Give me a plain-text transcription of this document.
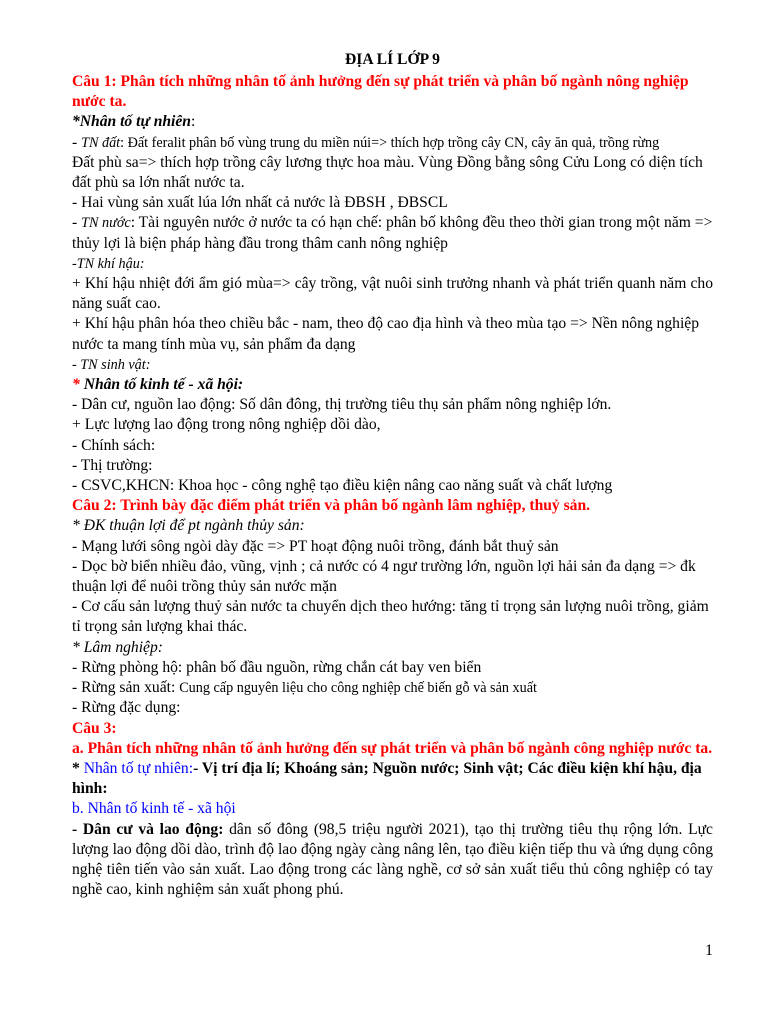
ĐỊA LÍ LỚP 9

Câu 1: Phân tích những nhân tố ảnh hưởng đến sự phát triển và phân bố ngành nông nghiệp nước ta.

*Nhân tố tự nhiên:

- TN đất: Đất feralit phân bố vùng trung du miền núi=> thích hợp trồng cây CN, cây ăn quả, trồng rừng

Đất phù sa=> thích hợp trồng cây lương thực hoa màu. Vùng Đồng bằng sông Cửu Long có diện tích đất phù sa lớn nhất nước ta.

- Hai vùng sản xuất lúa lớn nhất cả nước là ĐBSH , ĐBSCL

- TN nước: Tài nguyên nước ở nước ta có hạn chế: phân bố không đều theo thời gian trong một năm => thủy lợi là biện pháp hàng đầu trong thâm canh nông nghiệp

-TN khí hậu:

+ Khí hậu nhiệt đới ẩm gió mùa=> cây trồng, vật nuôi sinh trưởng nhanh và phát triển quanh năm cho năng suất cao.

+ Khí hậu phân hóa theo chiều bắc - nam, theo độ cao địa hình và theo mùa tạo => Nền nông nghiệp nước ta mang tính mùa vụ, sản phẩm đa dạng

- TN sinh vật:

* Nhân tố kinh tế - xã hội:

- Dân cư, nguồn lao động: Số dân đông, thị trường tiêu thụ sản phẩm nông nghiệp lớn.

+ Lực lượng lao động trong nông nghiệp dồi dào,

- Chính sách:

- Thị trường:

- CSVC,KHCN: Khoa học - công nghệ tạo điều kiện nâng cao năng suất và chất lượng

Câu 2: Trình bày đặc điểm phát triển và phân bố ngành lâm nghiệp, thuỷ sản.

* ĐK thuận lợi để pt ngành thủy sản:

- Mạng lưới sông ngòi dày đặc => PT hoạt động nuôi trồng, đánh bắt thuỷ sản

- Dọc bờ biển nhiều đảo, vũng, vịnh ; cả nước có 4 ngư trường lớn, nguồn lợi hải sản đa dạng => đk thuận lợi để nuôi trồng thủy sản nước mặn

- Cơ cấu sản lượng thuỷ sản nước ta chuyển dịch theo hướng: tăng tỉ trọng sản lượng nuôi trồng, giảm tỉ trọng sản lượng khai thác.

* Lâm nghiệp:

- Rừng phòng hộ: phân bố đầu nguồn, rừng chắn cát bay ven biển

- Rừng sản xuất: Cung cấp nguyên liệu cho công nghiệp chế biến gỗ và sản xuất

- Rừng đặc dụng:

Câu 3:

a. Phân tích những nhân tố ảnh hưởng đến sự phát triển và phân bố ngành công nghiệp nước ta.

* Nhân tố tự nhiên:- Vị trí địa lí; Khoáng sản; Nguồn nước; Sinh vật; Các điều kiện khí hậu, địa hình:

b. Nhân tố kinh tế - xã hội

- Dân cư và lao động: dân số đông (98,5 triệu người 2021), tạo thị trường tiêu thụ rộng lớn. Lực lượng lao động dồi dào, trình độ lao động ngày càng nâng lên, tạo điều kiện tiếp thu và ứng dụng công nghệ tiên tiến vào sản xuất. Lao động trong các làng nghề, cơ sở sản xuất tiểu thủ công nghiệp có tay nghề cao, kinh nghiệm sản xuất phong phú.

1
